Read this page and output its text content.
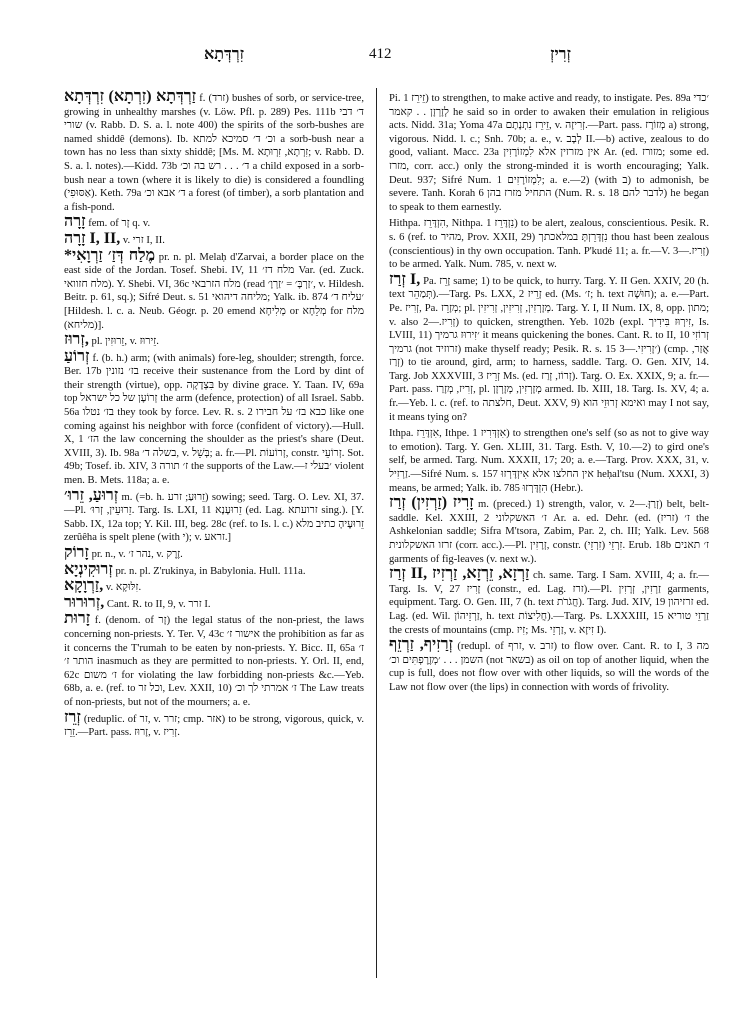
זִרְדְּתָא	412	זְרִיזְ

זַרְדְּתָא (זִרְתָא) זִרְדְּתָא f. (זרד) bushes of sorb, or service-tree, growing in unhealthy marshes (v. Löw. Pfl. p. 289) Pes. 111b ד׳ דבי שורי (v. Rabb. D. S. a. l. note 400) the spirits of the sorb-bushes are named shiddê (demons). Ib. וכ׳ ד׳ סמיכא למתא a sorb-bush near a town has no less than sixty shiddê; [Ms. M. זִרְתָא, זִרְוּתָא; v. Rabb. D. S. a. l. notes).—Kidd. 73b ד׳ . . . רש בה וכ׳ a child exposed in a sorb-bush near a town (where it is likely to die) is considered a foundling (אַסּוּפִי). Keth. 79a ד׳ אבא וכ׳ a forest (of timber), a sorb plantation and a fish-pond.

זָרָה fem. of זָר q. v.

זָרָה I, II, v. זרי I, II.

*מֶלַח דְּזַ׳ זַרְוָאִי pr. n. pl. Melaḥ d'Zarvai, a border place on the east side of the Jordan. Tosef. Shebi. IV, 11 מלח דז׳ Var. (ed. Zuck. מלח חזוואי). Y. Shebi. VI, 36c מלח הזרבאי (read ׳זַרְבָּ׳ = ׳זַרְוָ׳, v. Hildesh. Beitr. p. 61, sq.); Sifré Deut. s. 51 מליחה דיהואי; Yalk. ib. 874 ׳עליח ד׳ [Hildesh. l. c. a. Neub. Géogr. p. 20 emend מְלִיחָא or מְלֵחָא for מלח (מליחא)].

זְרוּז, pl. זֵרוּזִין, v. זֵירוּז.

זְרוֹעַ f. (b. h.) arm; (with animals) fore-leg, shoulder; strength, force. Ber. 17b בז׳ נזונין receive their sustenance from the Lord by dint of their strength (virtue), opp. בִּצְדָקָה by divine grace. Y. Taan. IV, 69a top זְרוֹעָן של כל ישראל the arm (defence, protection) of all Israel. Sabb. 56a בז׳ נטלו they took by force. Lev. R. s. 2 כבא בז׳ על חבירו like one coming against his neighbor with force (confident of victory).—Hull. X, 1 הז׳ the law concerning the shoulder as the priest's share (Deut. XVIII, 3). Ib. 98a בשלה ד׳, v. בְּשֵׁל; a. fr.—Pl. זְרוֹעוֹת, constr. זְרוֹעֵי. Sot. 49b; Tosef. ib. XIV, 3 ז׳ תורה the supports of the Law.—׳בעלי ז violent men. B. Mets. 118a; a. e.

זְרוּעַ, זֵרוּ׳ m. (=b. h. זֵרוּעַ; זרע) sowing; seed. Targ. O. Lev. XI, 37.—Pl. זֵרוּעֵין, זְרוּ׳. Targ. Is. LXI, 11 זֵרוּעָנָא (ed. Lag. זרועתא sing.). [Y. Sabb. IX, 12a top; Y. Kil. III, beg. 28c (ref. to Is. l. c.) זֵרוּעֶיהָ כתיב מלא zerûêha is spelt plene (with י); v. זראע.]

זָרוֹק pr. n., v. נהר ז׳, v. זֶרֶק.

זְרוּקִינְיָא pr. n. pl. Z'rukinya, in Babylonia. Hull. 111a.

זַרְוָקָא, v. זִלּוּקָא.

זְרוּרוּר, Cant. R. to II, 9, v. זרר I.

זָרוּת f. (denom. of זָר) the legal status of the non-priest, the laws concerning non-priests. Y. Ter. V, 43c אישור ז׳ the prohibition as far as it concerns the T'rumah to be eaten by non-priests. Y. Bicc. II, 65a ז׳ הותר ז׳ inasmuch as they are permitted to non-priests. Y. Orl. II, end, 62c ז׳ משום for violating the law forbidding non-priests &c.—Yeb. 68b, a. e. (ref. to וכל זר, Lev. XXII, 10) ז׳ אמרתי לך וכ׳ The Law treats of non-priests, but not of the mourners; a. e.

זְרֵז (reduplic. of זר, v. זרר; cmp. אזר) to be strong, vigorous, quick, v. זֵרֵז.—Part. pass. זָרוּז, v. זְרִיז.

Pi. זֵירֵז 1) to strengthen, to make active and ready, to instigate. Pes. 89a ׳כדי לְזָרְזָן . . קאמר he said so in order to awaken their emulation in religious acts. Nidd. 31a; Yoma 47a זֵירֵז נִתְנָתָם, v. זְרִיזָה.—Part. pass. מְזוֹרָז a) strong, vigorous. Nidd. l. c.; Snh. 70b; a. e., v. לְבָב II.—b) active, zealous to do good, valiant. Macc. 23a אין מזרזין אלא לִמְזוֹרָזִין Ar. (ed. מזורז; some ed. מזרז, corr. acc.) only the strong-minded it is worth encouraging; Yalk. Deut. 937; Sifré Num. 1 לִמְזוֹרָזִים; a. e.—2) (with ב) to admonish, be severe. Tanh. Korah 6 התחיל מזרז בהן (Num. R. s. 18 לדבר להם) he began to speak to them earnestly.

Hithpa. הִזְדָּרֵז, Nithpa. נִזְדָּרֵז 1) to be alert, zealous, conscientious. Pesik. R. s. 6 (ref. to מהיר, Prov. XXII, 29) נִזְדָּרֵזְתָּ במלאכתך thou hast been zealous (conscientious) in thy own occupation. Tanh. P'kudé 11; a. fr.—V. זְרִיז.—3) to be armed. Yalk. Num. 785, v. next w.

זְרַז I, Pa. זָרֵז same; 1) to be quick, to hurry. Targ. Y. II Gen. XXIV, 20 (h. text תְּמַהֵר).—Targ. Ps. LXX, 2 זָרֵיז ed. (Ms. ז׳; h. text חוּשָׁה); a. e.—Part. Pe. זְרִיז, Pa. מְזָרֵז; pl. מְזָרְזִין, זְרִיזִין, זְרִיזִין. Targ. Y. I, II Num. IX, 8, opp. מתון; v. also זְרִיז.—2) to quicken, strengthen. Yeb. 102b (expl. זִירְוּז בִּידִיך, Is. LVIII, 11) ׳זִירוּז גרמיך it means quickening the bones. Cant. R. to II, 10 זְרוֹזִי גרמיך (not זרוזיד) make thyself ready; Pesik. R. s. 15 ׳זָרִיזִי.—3) (cmp. אֲזַר, זְרַז) to tie around, gird, arm; to harness, saddle. Targ. O. Gen. XIV, 14. Targ. Job XXXVIII, 3 זְרֵיז Ms. (ed. זְרוֹז, זְרַז). Targ. O. Ex. XXIX, 9; a. fr.—Part. pass. זְרִיז, מְזָרַז, pl. מְזָרְזִין, מְזָרְזָן armed. Ib. XIII, 18. Targ. Is. XV, 4; a. fr.—Yeb. l. c. (ref. to חלצתה, Deut. XXV, 9) ואימא זְרוּזֵי הוא may I not say, it means tying on?

Ithpa. אִזְדָּרֵז, Ithpe. אִזְדְּרִיז 1) to strengthen one's self (so as not to give way to emotion). Targ. Y. Gen. XLIII, 31. Targ. Esth. V, 10.—2) to gird one's self, be armed. Targ. Num. XXXII, 17; 20; a. e.—Targ. Prov. XXX, 31, v. זַרְזִיל.—Sifré Num. s. 157 אין החלצו אלא אִיזְדָּרְזוּ heḥal'tsu (Num. XXXI, 3) means, be armed; Yalk. ib. 785 הִזְדָּרְזוּ (Hebr.).

זָרִיז (זַרְזִין) זְרַז m. (preced.) 1) strength, valor, v. זְרַזָּ.—2) belt, belt-saddle. Kel. XXIII, 2 ז׳ האשקלוני Ar. a. ed. Dehr. (ed. ז׳ (זריז) the Ashkelonian saddle; Sifra M'tsora, Zabim, Par. 2, ch. III; Yalk. Lev. 568 זרזו האשקלונית (corr. acc.).—Pl. זְרָזִין, constr. (זִרְזֵי) זִרְזֵי. Erub. 18b ז׳ תאנים garments of fig-leaves (v. next w.).

זְרַז II, זַרְזָא, זֵרְזָא, זַרְזִיז ch. same. Targ. I Sam. XVIII, 4; a. fr.—Targ. Is. V, 27 זָרִיז (constr., ed. Lag. זרז).—Pl. זַרְזִין, זְרָזִין garments, equipment. Targ. O. Gen. III, 7 (h. text חֲגֹרֹת). Targ. Jud. XIV, 19 זרזיהון ed. Lag. (ed. Wil. זַרְזֵיהוֹן, h. text חֲלִיצוֹת).—Targ. Ps. LXXXIII, 15 זַרְזֵי טוריא the crests of mountains (cmp. זִיז; Ms. זַרְזֵי, v. זִיזָא I).

זְרַזִיף, זַרְזֵף (redupl. of זרף, v. זרב) to flow over. Cant. R. to I, 3 מה השמן . . . ׳מְזֶרֶפְתִּים וכ׳ (not בשאר) as oil on top of another liquid, when the cup is full, does not flow over with other liquids, so will the words of the Law not flow over (the lips) in connection with words of frivolity.
